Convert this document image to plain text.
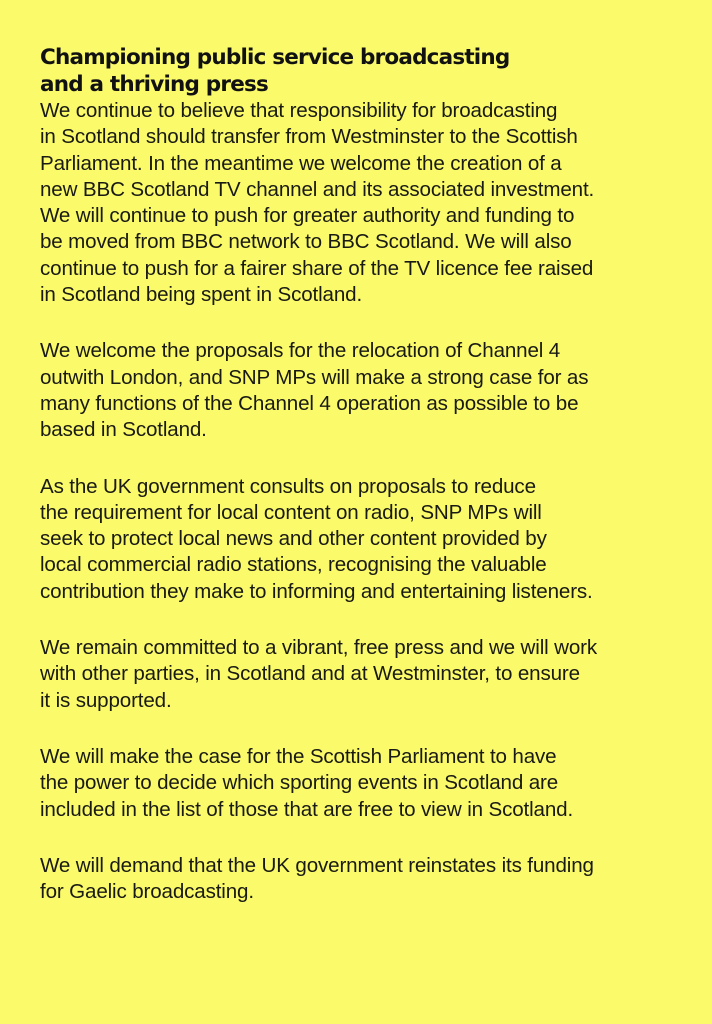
Championing public service broadcasting
and a thriving press

We continue to believe that responsibility for broadcasting
in Scotland should transfer from Westminster to the Scottish
Parliament. In the meantime we welcome the creation of a
new BBC Scotland TV channel and its associated investment.
We will continue to push for greater authority and funding to
be moved from BBC network to BBC Scotland. We will also
continue to push for a fairer share of the TV licence fee raised
in Scotland being spent in Scotland.

We welcome the proposals for the relocation of Channel 4
outwith London, and SNP MPs will make a strong case for as
many functions of the Channel 4 operation as possible to be
based in Scotland.

As the UK government consults on proposals to reduce
the requirement for local content on radio, SNP MPs will
seek to protect local news and other content provided by
local commercial radio stations, recognising the valuable
contribution they make to informing and entertaining listeners.

We remain committed to a vibrant, free press and we will work
with other parties, in Scotland and at Westminster, to ensure
it is supported.

We will make the case for the Scottish Parliament to have
the power to decide which sporting events in Scotland are
included in the list of those that are free to view in Scotland.

We will demand that the UK government reinstates its funding
for Gaelic broadcasting.
